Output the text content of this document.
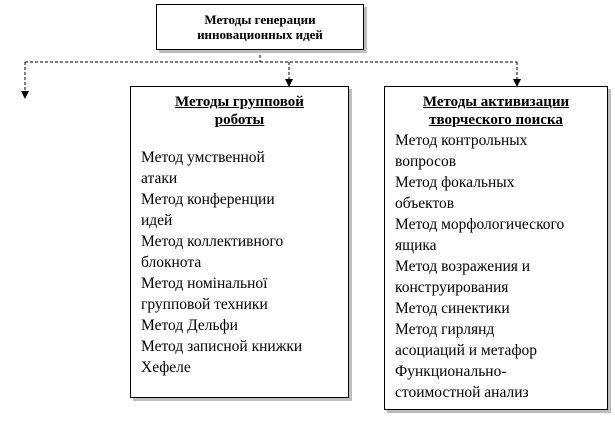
Методы генерации
инновационных идей
Методы групповой
роботы
Метод умственной
атаки
Метод конференции
идей
Метод коллективного
блокнота
Метод номінальної
групповой техники
Метод Дельфи
Метод записной книжки
Хефеле
Методы активизации
творческого поиска
Метод контрольных
вопросов
Метод фокальных
объектов
Метод морфологического
ящика
Метод возражения и
конструирования
Метод синектики
Метод гирлянд
асоциаций и метафор
Функционально-
стоимостной анализ
